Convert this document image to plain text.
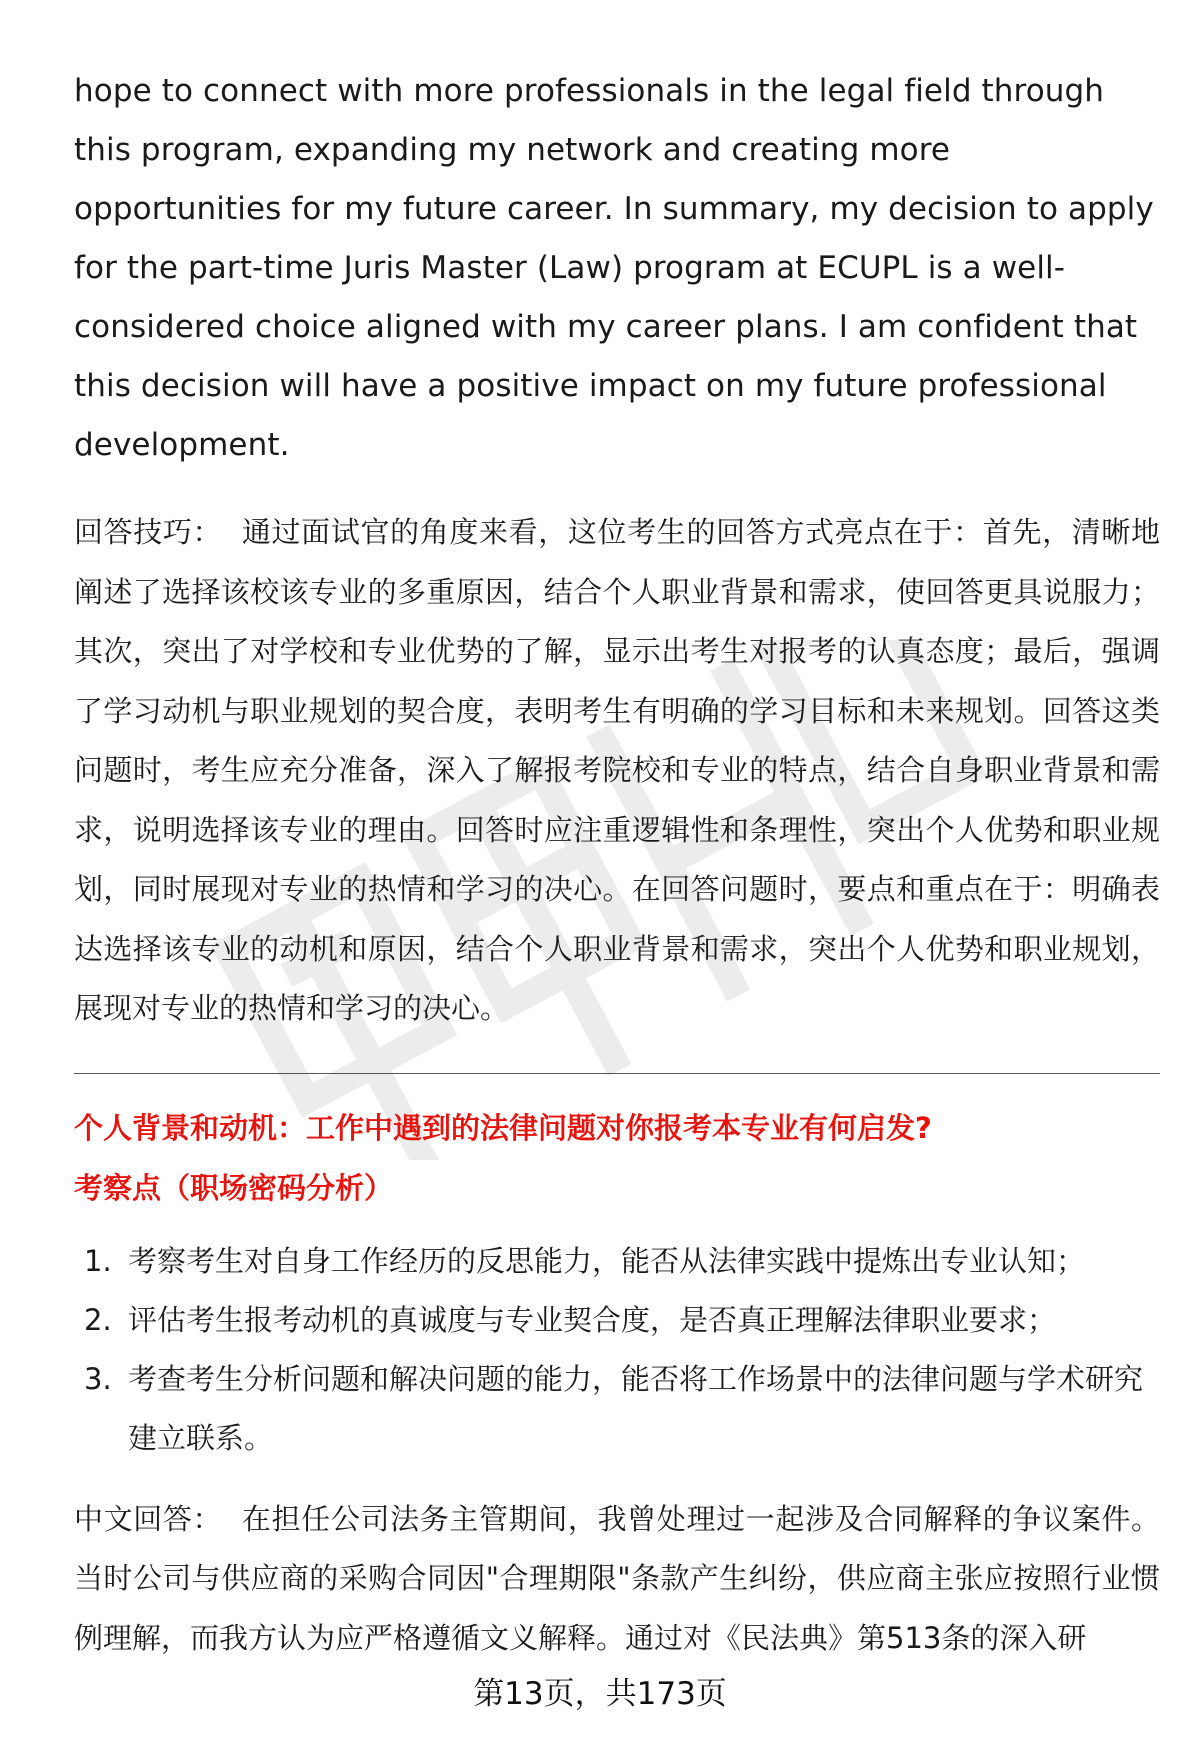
hope to connect with more professionals in the legal field through this program, expanding my network and creating more opportunities for my future career. In summary, my decision to apply for the part-time Juris Master (Law) program at ECUPL is a well-considered choice aligned with my career plans. I am confident that this decision will have a positive impact on my future professional development.

回答技巧： 通过面试官的角度来看，这位考生的回答方式亮点在于：首先，清晰地阐述了选择该校该专业的多重原因，结合个人职业背景和需求，使回答更具说服力；其次，突出了对学校和专业优势的了解，显示出考生对报考的认真态度；最后，强调了学习动机与职业规划的契合度，表明考生有明确的学习目标和未来规划。回答这类问题时，考生应充分准备，深入了解报考院校和专业的特点，结合自身职业背景和需求，说明选择该专业的理由。回答时应注重逻辑性和条理性，突出个人优势和职业规划，同时展现对专业的热情和学习的决心。在回答问题时，要点和重点在于：明确表达选择该专业的动机和原因，结合个人职业背景和需求，突出个人优势和职业规划，展现对专业的热情和学习的决心。

个人背景和动机：工作中遇到的法律问题对你报考本专业有何启发?
考察点（职场密码分析）
1. 考察考生对自身工作经历的反思能力，能否从法律实践中提炼出专业认知；
2. 评估考生报考动机的真诚度与专业契合度，是否真正理解法律职业要求；
3. 考查考生分析问题和解决问题的能力，能否将工作场景中的法律问题与学术研究建立联系。

中文回答： 在担任公司法务主管期间，我曾处理过一起涉及合同解释的争议案件。当时公司与供应商的采购合同因"合理期限"条款产生纠纷，供应商主张应按照行业惯例理解，而我方认为应严格遵循文义解释。通过对《民法典》第513条的深入研

第13页，共173页
